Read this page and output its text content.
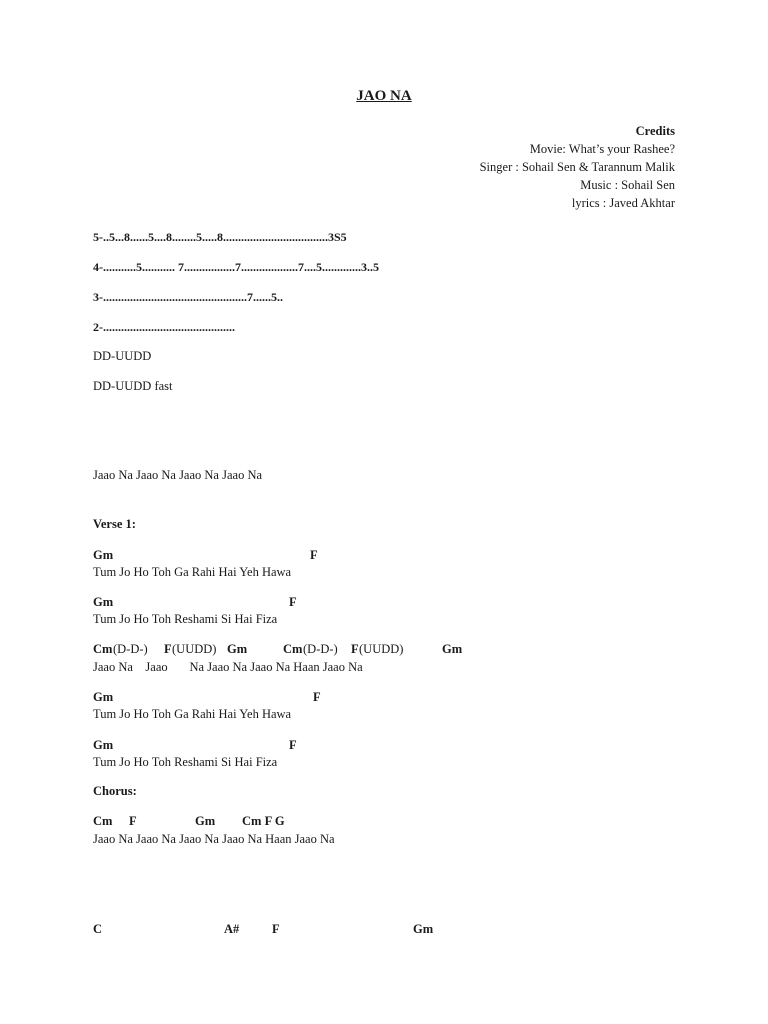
JAO NA
Credits
Movie: What’s your Rashee?
Singer : Sohail Sen & Tarannum Malik
Music : Sohail Sen
lyrics : Javed Akhtar
5-..5...8......5....8........5.....8...................................3S5
4-...........5........... 7.................7...................7....5.............3..5
3-................................................7......5..
2-............................................
DD-UUDD
DD-UUDD fast
Jaao Na Jaao Na Jaao Na Jaao Na
Verse 1:
Gm	F
Tum Jo Ho Toh Ga Rahi Hai Yeh Hawa
Gm	F
Tum Jo Ho Toh Reshami Si Hai Fiza
Cm (D-D-) F (UUDD) Gm	Cm (D-D-) F (UUDD)	Gm
Jaao Na    Jaao       Na Jaao Na Jaao Na Haan Jaao Na
Gm	F
Tum Jo Ho Toh Ga Rahi Hai Yeh Hawa
Gm	F
Tum Jo Ho Toh Reshami Si Hai Fiza
Chorus:
Cm F	Gm Cm F G
Jaao Na Jaao Na Jaao Na Jaao Na Haan Jaao Na
C	A#	F	Gm
